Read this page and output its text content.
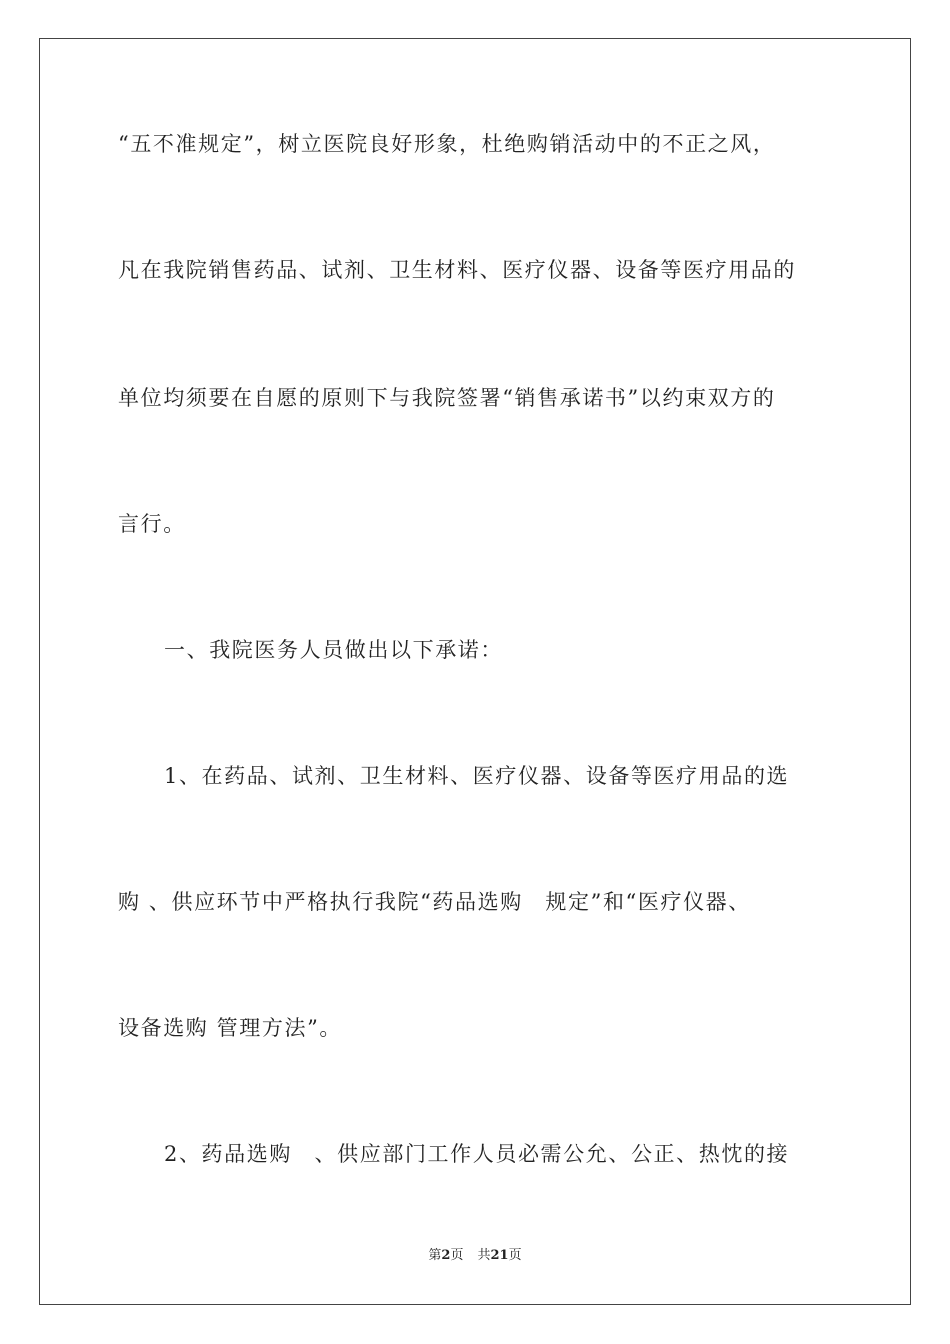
“五不准规定”，树立医院良好形象，杜绝购销活动中的不正之风，
凡在我院销售药品、试剂、卫生材料、医疗仪器、设备等医疗用品的
单位均须要在自愿的原则下与我院签署“销售承诺书”以约束双方的
言行。
一、我院医务人员做出以下承诺：
1、在药品、试剂、卫生材料、医疗仪器、设备等医疗用品的选
购 、供应环节中严格执行我院“药品选购　规定”和“医疗仪器、
设备选购 管理方法”。
2、药品选购　、供应部门工作人员必需公允、公正、热忱的接
第2页 共21页
